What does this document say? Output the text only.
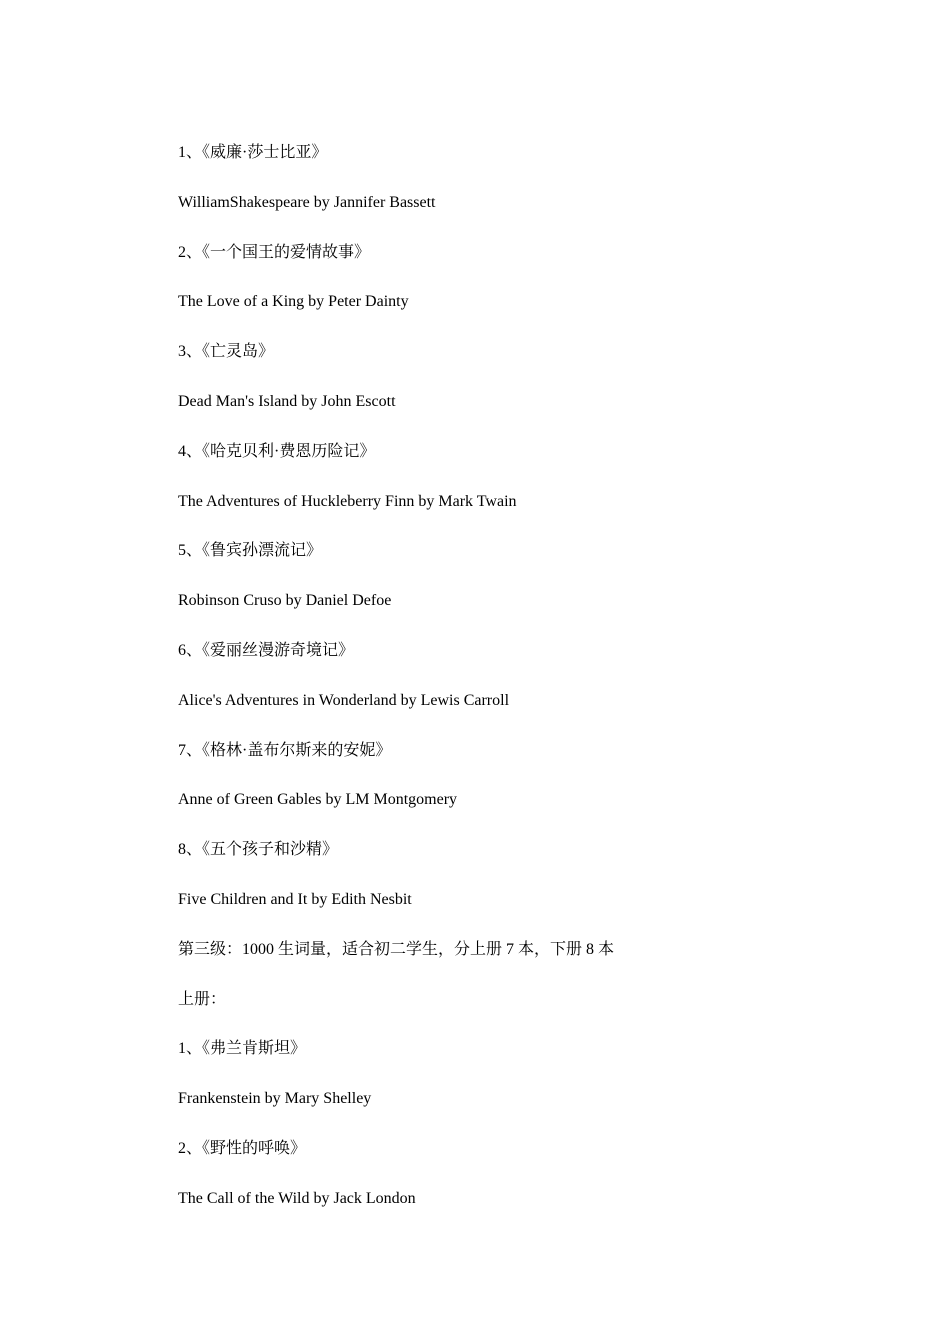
1、《威廉·莎士比亚》
WilliamShakespeare by Jannifer Bassett
2、《一个国王的爱情故事》
The Love of a King by Peter Dainty
3、《亡灵岛》
Dead Man's Island by John Escott
4、《哈克贝利·费恩历险记》
The Adventures of Huckleberry Finn by Mark Twain
5、《鲁宾孙漂流记》
Robinson Cruso by Daniel Defoe
6、《爱丽丝漫游奇境记》
Alice's Adventures in Wonderland by Lewis Carroll
7、《格林·盖布尔斯来的安妮》
Anne of Green Gables by LM Montgomery
8、《五个孩子和沙精》
Five Children and It by Edith Nesbit
第三级：1000 生词量，适合初二学生，分上册 7 本，下册 8 本
上册：
1、《弗兰肯斯坦》
Frankenstein by Mary Shelley
2、《野性的呼唤》
The Call of the Wild by Jack London
